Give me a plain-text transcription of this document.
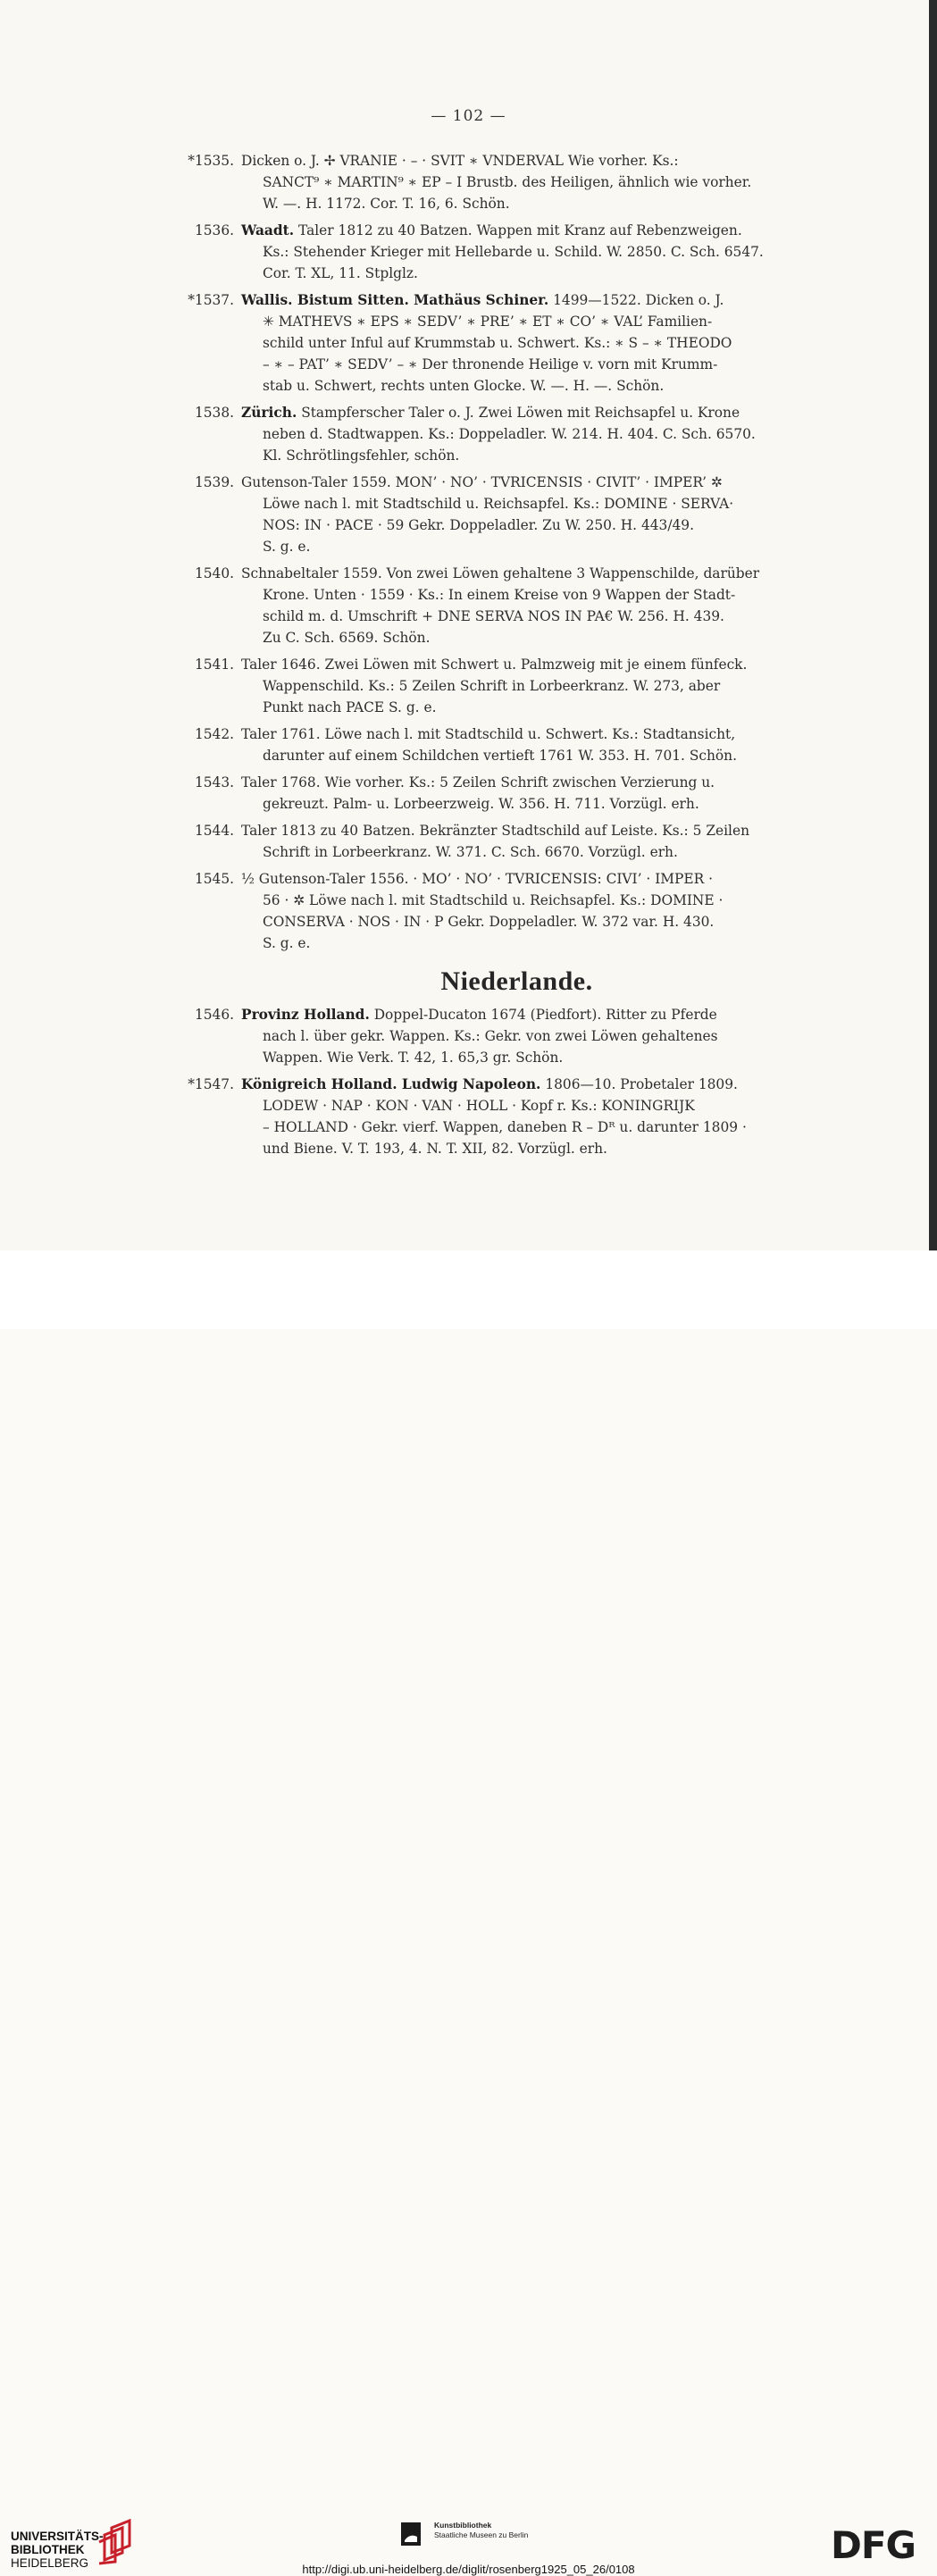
— 102 —
*1535. Dicken o. J. ✢ VRANIE · – · SVIT ∗ VNDERVAL Wie vorher. Ks.:
SANCT⁹ ∗ MARTIN⁹ ∗ EP – I Brustb. des Heiligen, ähnlich wie vorher.
W. —. H. 1172. Cor. T. 16, 6. Schön.
1536. Waadt. Taler 1812 zu 40 Batzen. Wappen mit Kranz auf Rebenzweigen.
Ks.: Stehender Krieger mit Hellebarde u. Schild. W. 2850. C. Sch. 6547.
Cor. T. XL, 11. Stplglz.
*1537. Wallis. Bistum Sitten. Mathäus Schiner. 1499—1522. Dicken o. J.
✳ MATHEVS ∗ EPS ∗ SEDV’ ∗ PRE’ ∗ ET ∗ CO’ ∗ VAL’ Familien-
schild unter Inful auf Krummstab u. Schwert. Ks.: ∗ S – ∗ THEODO
– ∗ – PAT’ ∗ SEDV’ – ∗ Der thronende Heilige v. vorn mit Krumm-
stab u. Schwert, rechts unten Glocke. W. —. H. —. Schön.
1538. Zürich. Stampferscher Taler o. J. Zwei Löwen mit Reichsapfel u. Krone
neben d. Stadtwappen. Ks.: Doppeladler. W. 214. H. 404. C. Sch. 6570.
Kl. Schrötlingsfehler, schön.
1539. Gutenson-Taler 1559. MON’ · NO’ · TVRICENSIS · CIVIT’ · IMPER’ ✲
Löwe nach l. mit Stadtschild u. Reichsapfel. Ks.: DOMINE · SERVA·
NOS: IN · PACE · 59 Gekr. Doppeladler. Zu W. 250. H. 443/49.
S. g. e.
1540. Schnabeltaler 1559. Von zwei Löwen gehaltene 3 Wappenschilde, darüber
Krone. Unten · 1559 · Ks.: In einem Kreise von 9 Wappen der Stadt-
schild m. d. Umschrift + DNE SERVA NOS IN PA€ W. 256. H. 439.
Zu C. Sch. 6569. Schön.
1541. Taler 1646. Zwei Löwen mit Schwert u. Palmzweig mit je einem fünfeck.
Wappenschild. Ks.: 5 Zeilen Schrift in Lorbeerkranz. W. 273, aber
Punkt nach PACE S. g. e.
1542. Taler 1761. Löwe nach l. mit Stadtschild u. Schwert. Ks.: Stadtansicht,
darunter auf einem Schildchen vertieft 1761 W. 353. H. 701. Schön.
1543. Taler 1768. Wie vorher. Ks.: 5 Zeilen Schrift zwischen Verzierung u.
gekreuzt. Palm- u. Lorbeerzweig. W. 356. H. 711. Vorzügl. erh.
1544. Taler 1813 zu 40 Batzen. Bekränzter Stadtschild auf Leiste. Ks.: 5 Zeilen
Schrift in Lorbeerkranz. W. 371. C. Sch. 6670. Vorzügl. erh.
1545. ½ Gutenson-Taler 1556. · MO’ · NO’ · TVRICENSIS: CIVI’ · IMPER ·
56 · ✲ Löwe nach l. mit Stadtschild u. Reichsapfel. Ks.: DOMINE ·
CONSERVA · NOS · IN · P Gekr. Doppeladler. W. 372 var. H. 430.
S. g. e.
Niederlande.
1546. Provinz Holland. Doppel-Ducaton 1674 (Piedfort). Ritter zu Pferde
nach l. über gekr. Wappen. Ks.: Gekr. von zwei Löwen gehaltenes
Wappen. Wie Verk. T. 42, 1. 65,3 gr. Schön.
*1547. Königreich Holland. Ludwig Napoleon. 1806—10. Probetaler 1809.
LODEW · NAP · KON · VAN · HOLL · Kopf r. Ks.: KONINGRIJK
– HOLLAND · Gekr. vierf. Wappen, daneben R – Dᴿ u. darunter 1809 ·
und Biene. V. T. 193, 4. N. T. XII, 82. Vorzügl. erh.
UNIVERSITÄTS-
BIBLIOTHEK
HEIDELBERG
Kunstbibliothek
Staatliche Museen zu Berlin	DFG
http://digi.ub.uni-heidelberg.de/diglit/rosenberg1925_05_26/0108
